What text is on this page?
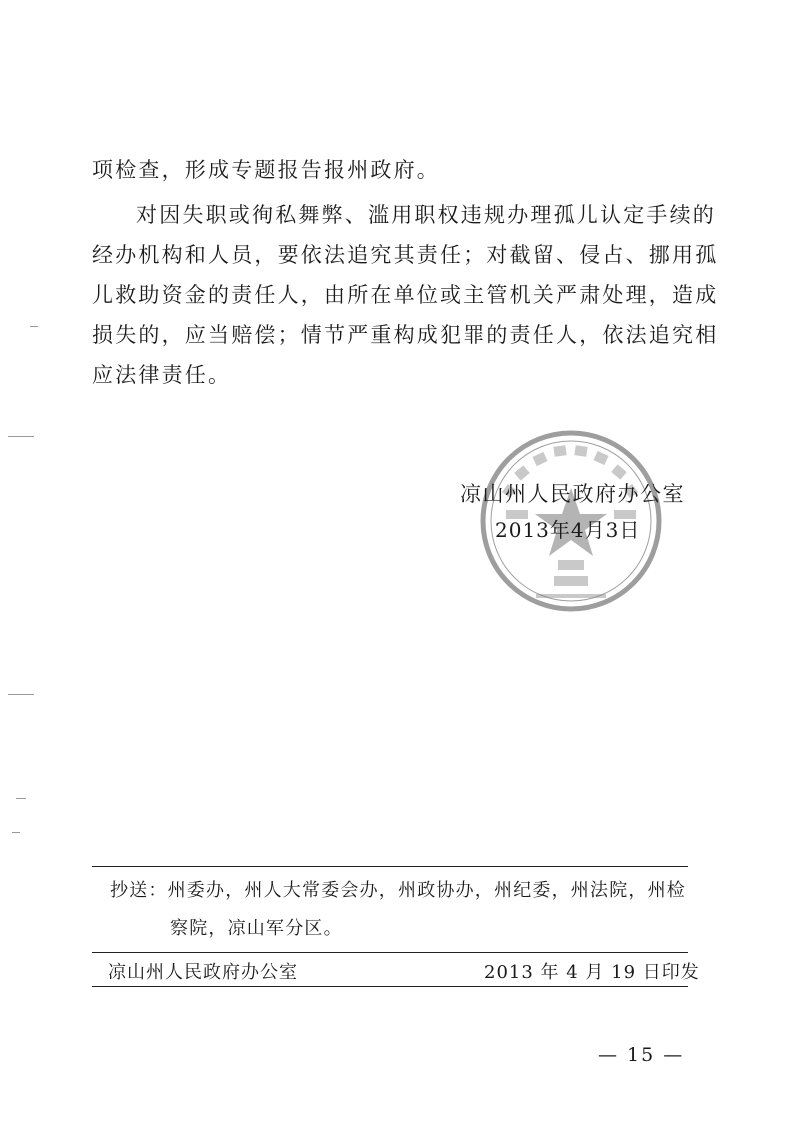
项检查，形成专题报告报州政府。
对因失职或徇私舞弊、滥用职权违规办理孤儿认定手续的
经办机构和人员，要依法追究其责任；对截留、侵占、挪用孤
儿救助资金的责任人，由所在单位或主管机关严肃处理，造成
损失的，应当赔偿；情节严重构成犯罪的责任人，依法追究相
应法律责任。
凉山州人民政府办公室
2013年4月3日
抄送：州委办，州人大常委会办，州政协办，州纪委，州法院，州检
察院，凉山军分区。
凉山州人民政府办公室	2013 年 4 月 19 日印发
— 15 —
